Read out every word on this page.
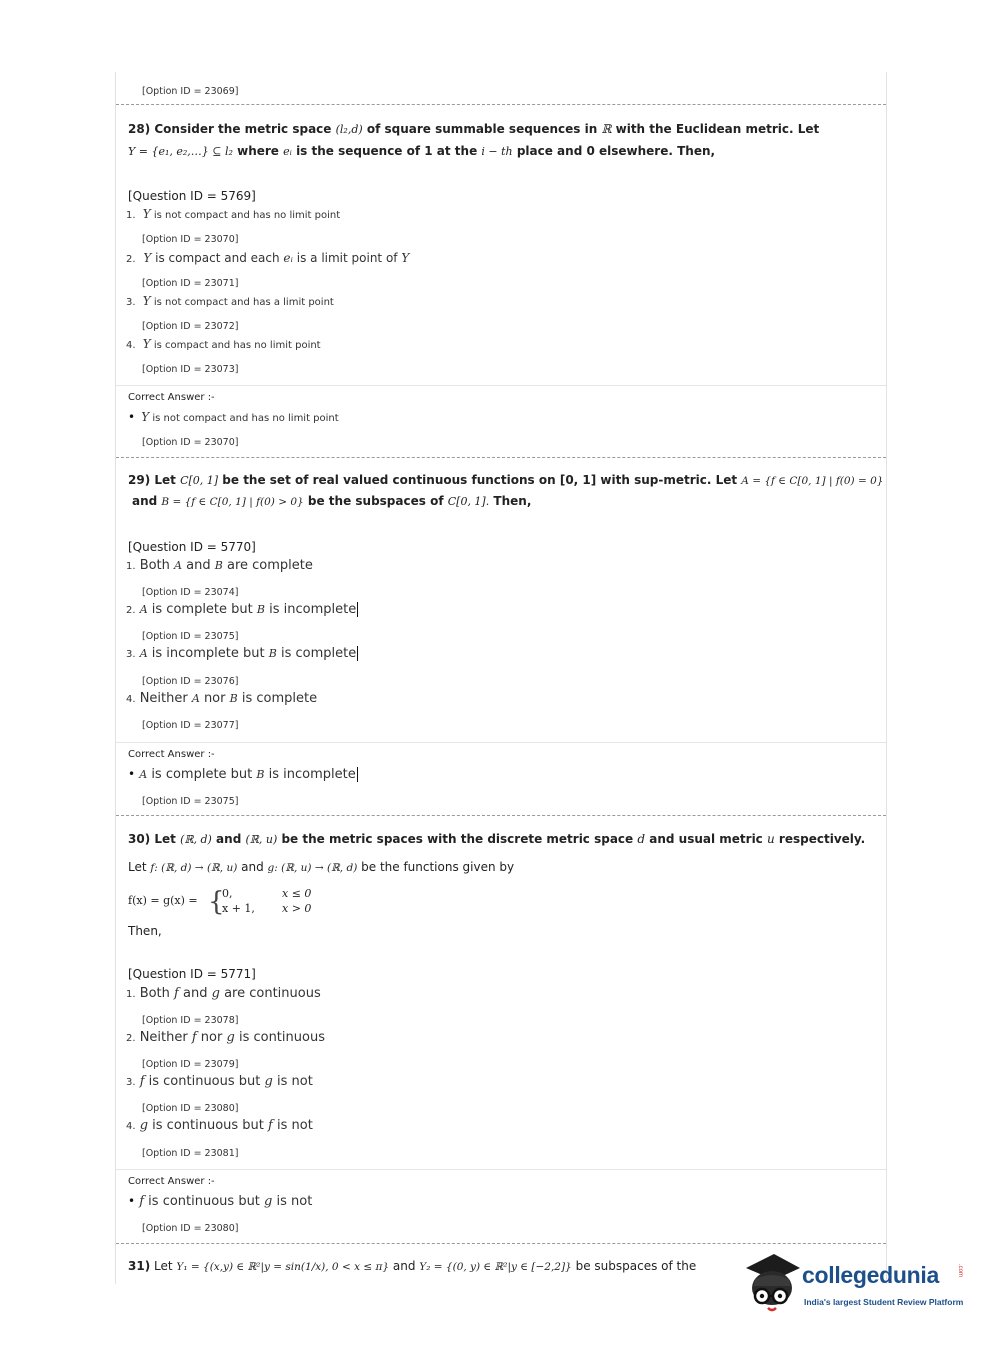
[Option ID = 23069]
28) Consider the metric space (l₂,d) of square summable sequences in ℝ with the Euclidean metric. Let
Y = {e₁, e₂,…} ⊆ l₂ where eᵢ is the sequence of 1 at the i − th place and 0 elsewhere. Then,
[Question ID = 5769]
1. Y is not compact and has no limit point
[Option ID = 23070]
2. Y is compact and each eᵢ is a limit point of Y
[Option ID = 23071]
3. Y is not compact and has a limit point
[Option ID = 23072]
4. Y is compact and has no limit point
[Option ID = 23073]
Correct Answer :-
• Y is not compact and has no limit point
[Option ID = 23070]
29) Let C[0, 1] be the set of real valued continuous functions on [0, 1] with sup-metric. Let A = {f ∈ C[0, 1] | f(0) = 0}
and B = {f ∈ C[0, 1] | f(0) > 0} be the subspaces of C[0, 1]. Then,
[Question ID = 5770]
1. Both A and B are complete
[Option ID = 23074]
2. A is complete but B is incomplete
[Option ID = 23075]
3. A is incomplete but B is complete
[Option ID = 23076]
4. Neither A nor B is complete
[Option ID = 23077]
Correct Answer :-
• A is complete but B is incomplete
[Option ID = 23075]
30) Let (ℝ, d) and (ℝ, u) be the metric spaces with the discrete metric space d and usual metric u respectively.
Let f: (ℝ, d) → (ℝ, u) and g: (ℝ, u) → (ℝ, d) be the functions given by
f(x) = g(x) = {
0,
x + 1,
x ≤ 0
x > 0
Then,
[Question ID = 5771]
1. Both f and g are continuous
[Option ID = 23078]
2. Neither f nor g is continuous
[Option ID = 23079]
3. f is continuous but g is not
[Option ID = 23080]
4. g is continuous but f is not
[Option ID = 23081]
Correct Answer :-
• f is continuous but g is not
[Option ID = 23080]
31) Let Y₁ = {(x,y) ∈ ℝ²|y = sin(1/x), 0 < x ≤ π} and Y₂ = {(0, y) ∈ ℝ²|y ∈ [−2,2]} be subspaces of the	collegedunia	.com
India's largest Student Review Platform
